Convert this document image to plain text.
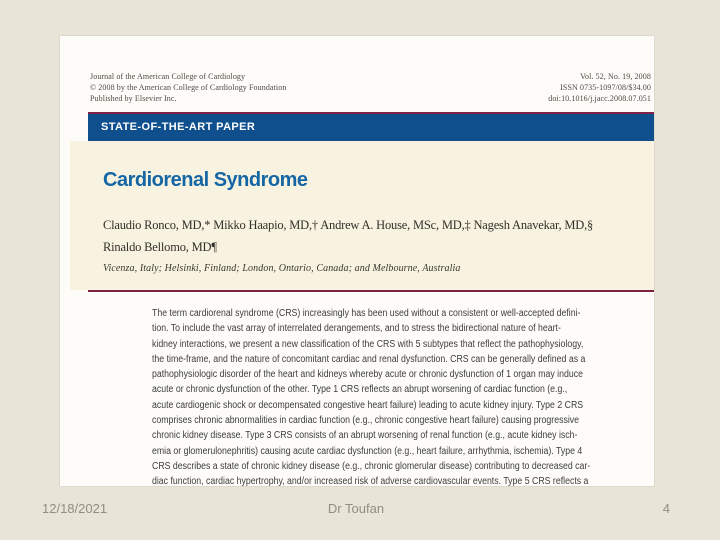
Journal of the American College of Cardiology
© 2008 by the American College of Cardiology Foundation
Published by Elsevier Inc.
Vol. 52, No. 19, 2008
ISSN 0735-1097/08/$34.00
doi:10.1016/j.jacc.2008.07.051
STATE-OF-THE-ART PAPER
Cardiorenal Syndrome
Claudio Ronco, MD,* Mikko Haapio, MD,† Andrew A. House, MSc, MD,‡ Nagesh Anavekar, MD,§
Rinaldo Bellomo, MD¶
Vicenza, Italy; Helsinki, Finland; London, Ontario, Canada; and Melbourne, Australia
The term cardiorenal syndrome (CRS) increasingly has been used without a consistent or well-accepted defini-
tion. To include the vast array of interrelated derangements, and to stress the bidirectional nature of heart-
kidney interactions, we present a new classification of the CRS with 5 subtypes that reflect the pathophysiology,
the time-frame, and the nature of concomitant cardiac and renal dysfunction. CRS can be generally defined as a
pathophysiologic disorder of the heart and kidneys whereby acute or chronic dysfunction of 1 organ may induce
acute or chronic dysfunction of the other. Type 1 CRS reflects an abrupt worsening of cardiac function (e.g.,
acute cardiogenic shock or decompensated congestive heart failure) leading to acute kidney injury. Type 2 CRS
comprises chronic abnormalities in cardiac function (e.g., chronic congestive heart failure) causing progressive
chronic kidney disease. Type 3 CRS consists of an abrupt worsening of renal function (e.g., acute kidney isch-
emia or glomerulonephritis) causing acute cardiac dysfunction (e.g., heart failure, arrhythmia, ischemia). Type 4
CRS describes a state of chronic kidney disease (e.g., chronic glomerular disease) contributing to decreased car-
diac function, cardiac hypertrophy, and/or increased risk of adverse cardiovascular events. Type 5 CRS reflects a
12/18/2021	Dr Toufan	4
